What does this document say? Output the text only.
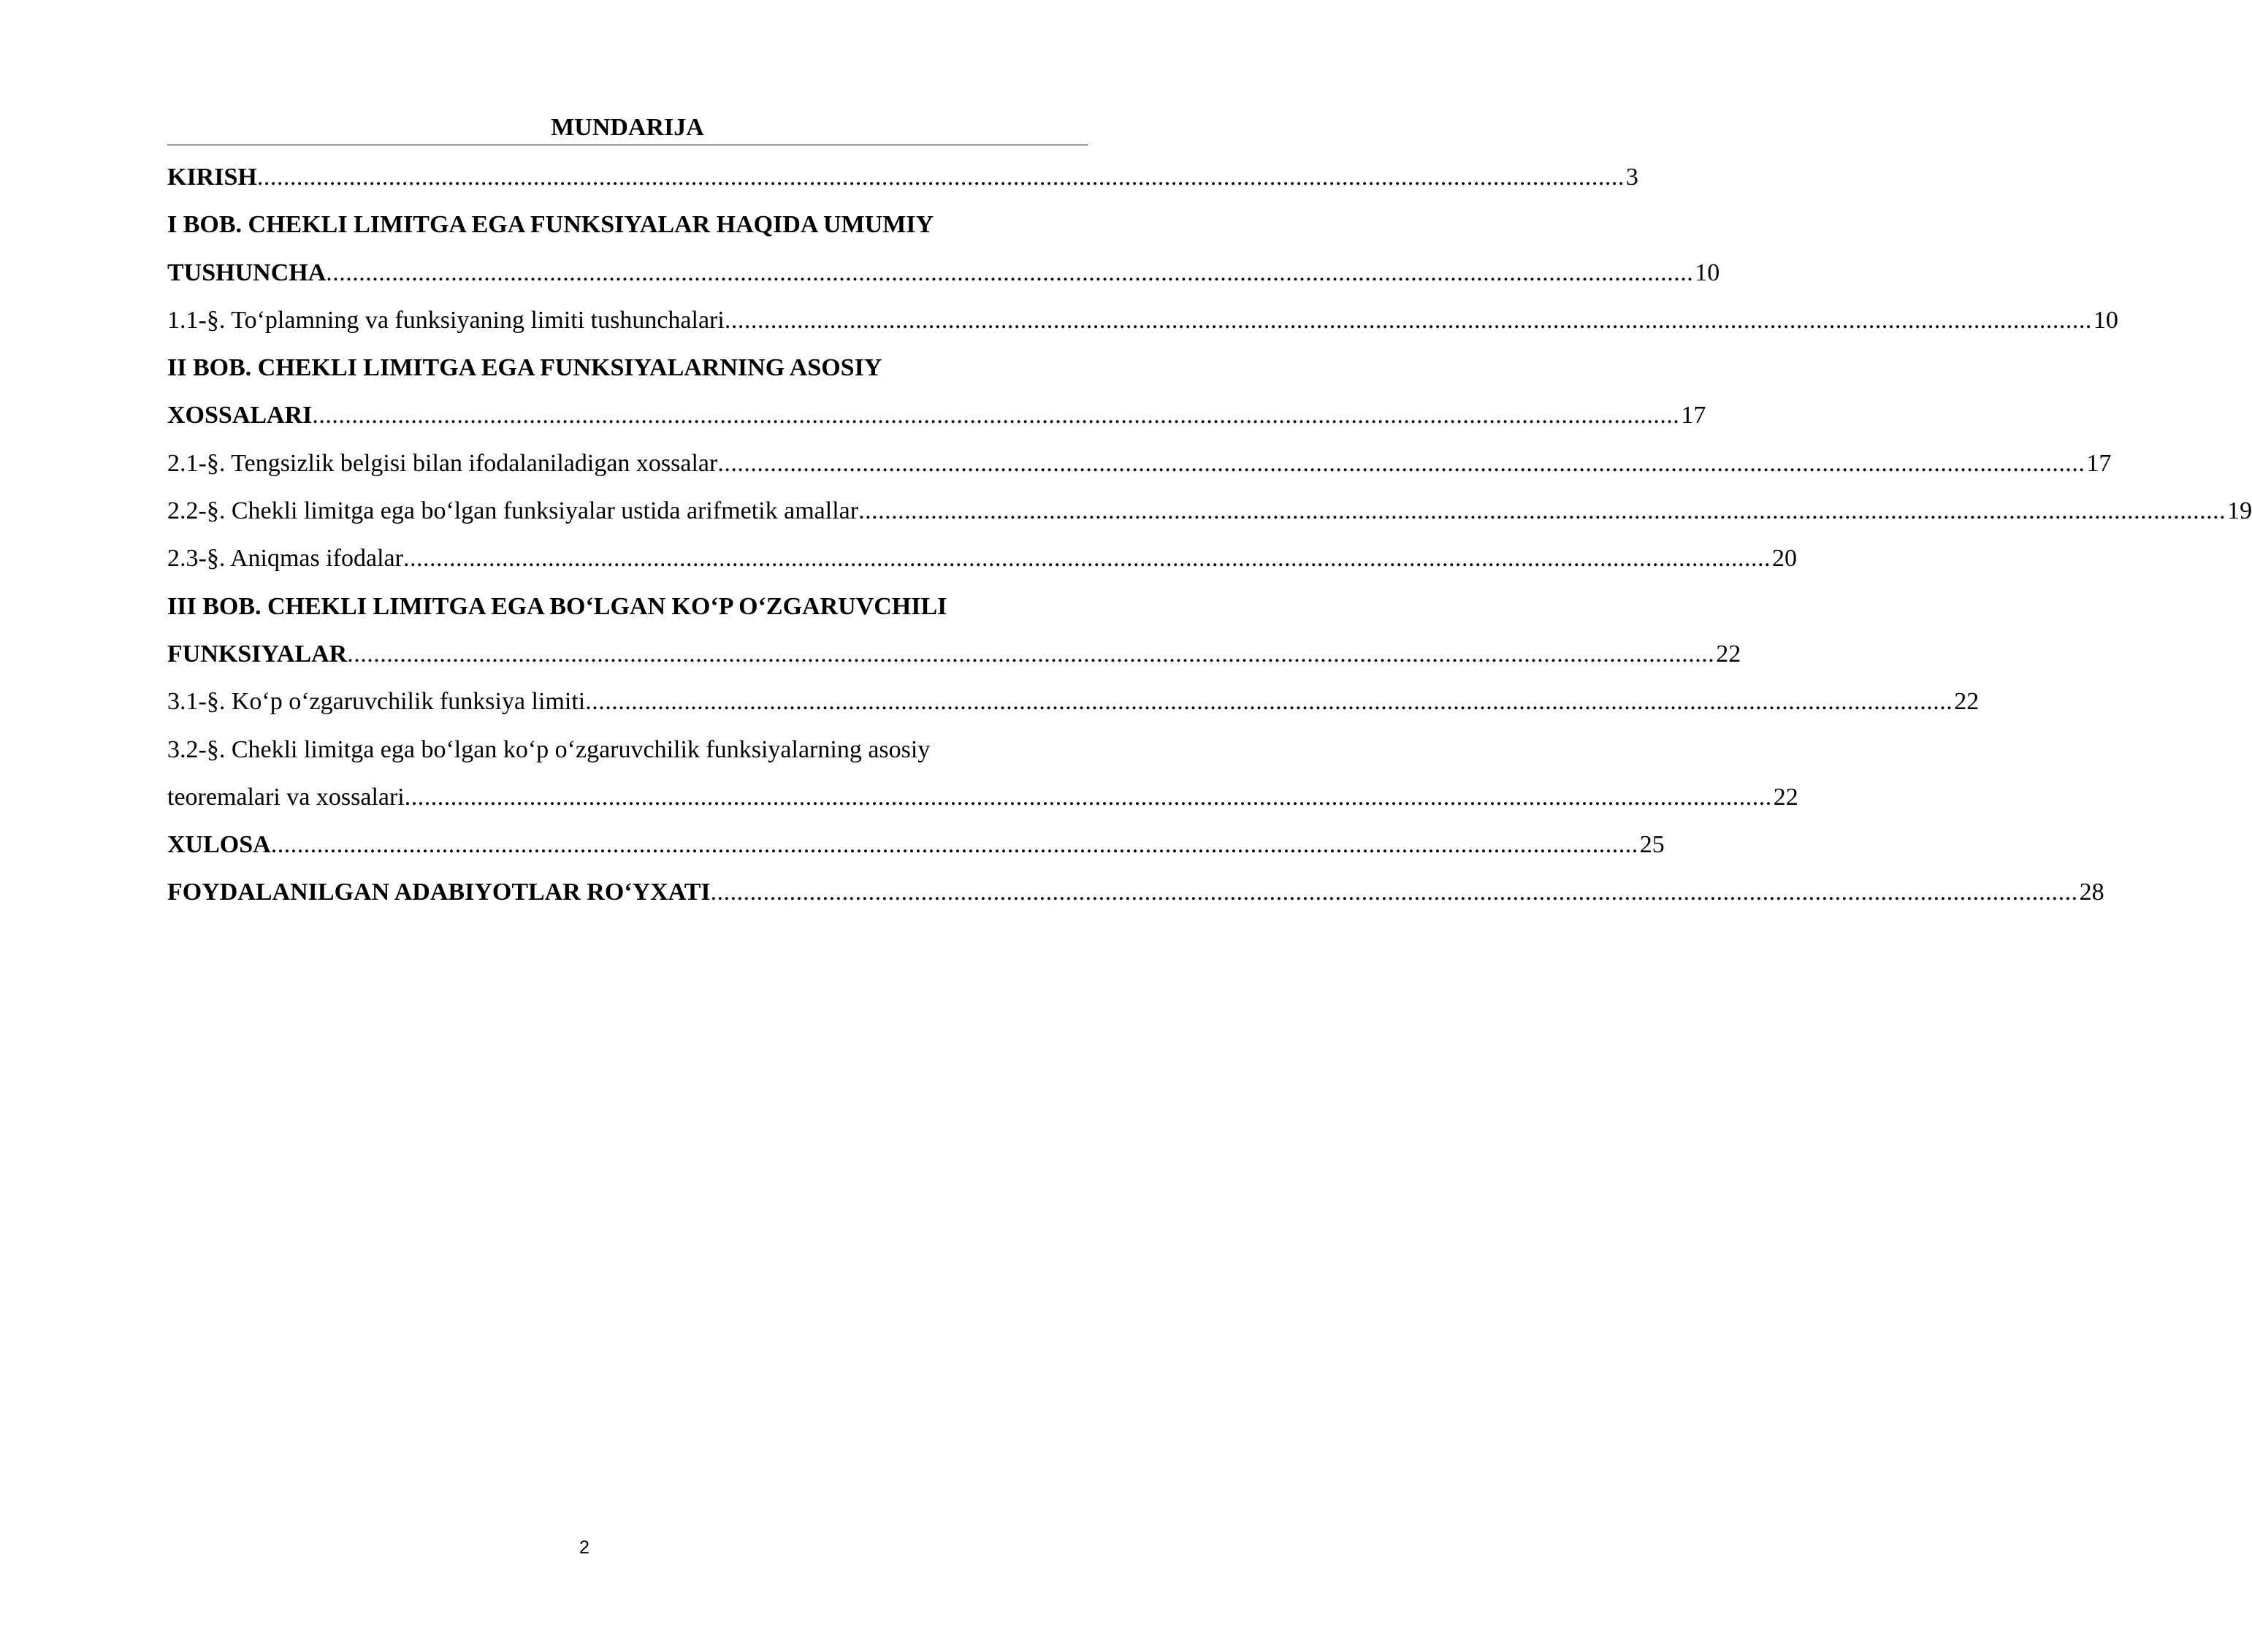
MUNDARIJA
KIRISH .....	3
I BOB. CHEKLI LIMITGA EGA FUNKSIYALAR HAQIDA UMUMIY
TUSHUNCHA .....	10
1.1-§. To‘plamning va funksiyaning limiti tushunchalari .....	10
II BOB. CHEKLI LIMITGA EGA FUNKSIYALARNING ASOSIY
XOSSALARI .....	17
2.1-§. Tengsizlik belgisi bilan ifodalaniladigan xossalar .....	17
2.2-§. Chekli limitga ega bo‘lgan funksiyalar ustida arifmetik amallar .....	19
2.3-§. Aniqmas ifodalar .....	20
III BOB. CHEKLI LIMITGA EGA BO‘LGAN KO‘P O‘ZGARUVCHILI
FUNKSIYALAR .....	22
3.1-§. Ko‘p o‘zgaruvchilik funksiya limiti .....	22
3.2-§. Chekli limitga ega bo‘lgan ko‘p o‘zgaruvchilik funksiyalarning asosiy
teoremalari va xossalari .....	22
XULOSA .....	25
FOYDALANILGAN ADABIYOTLAR RO‘YXATI .....	28
2
